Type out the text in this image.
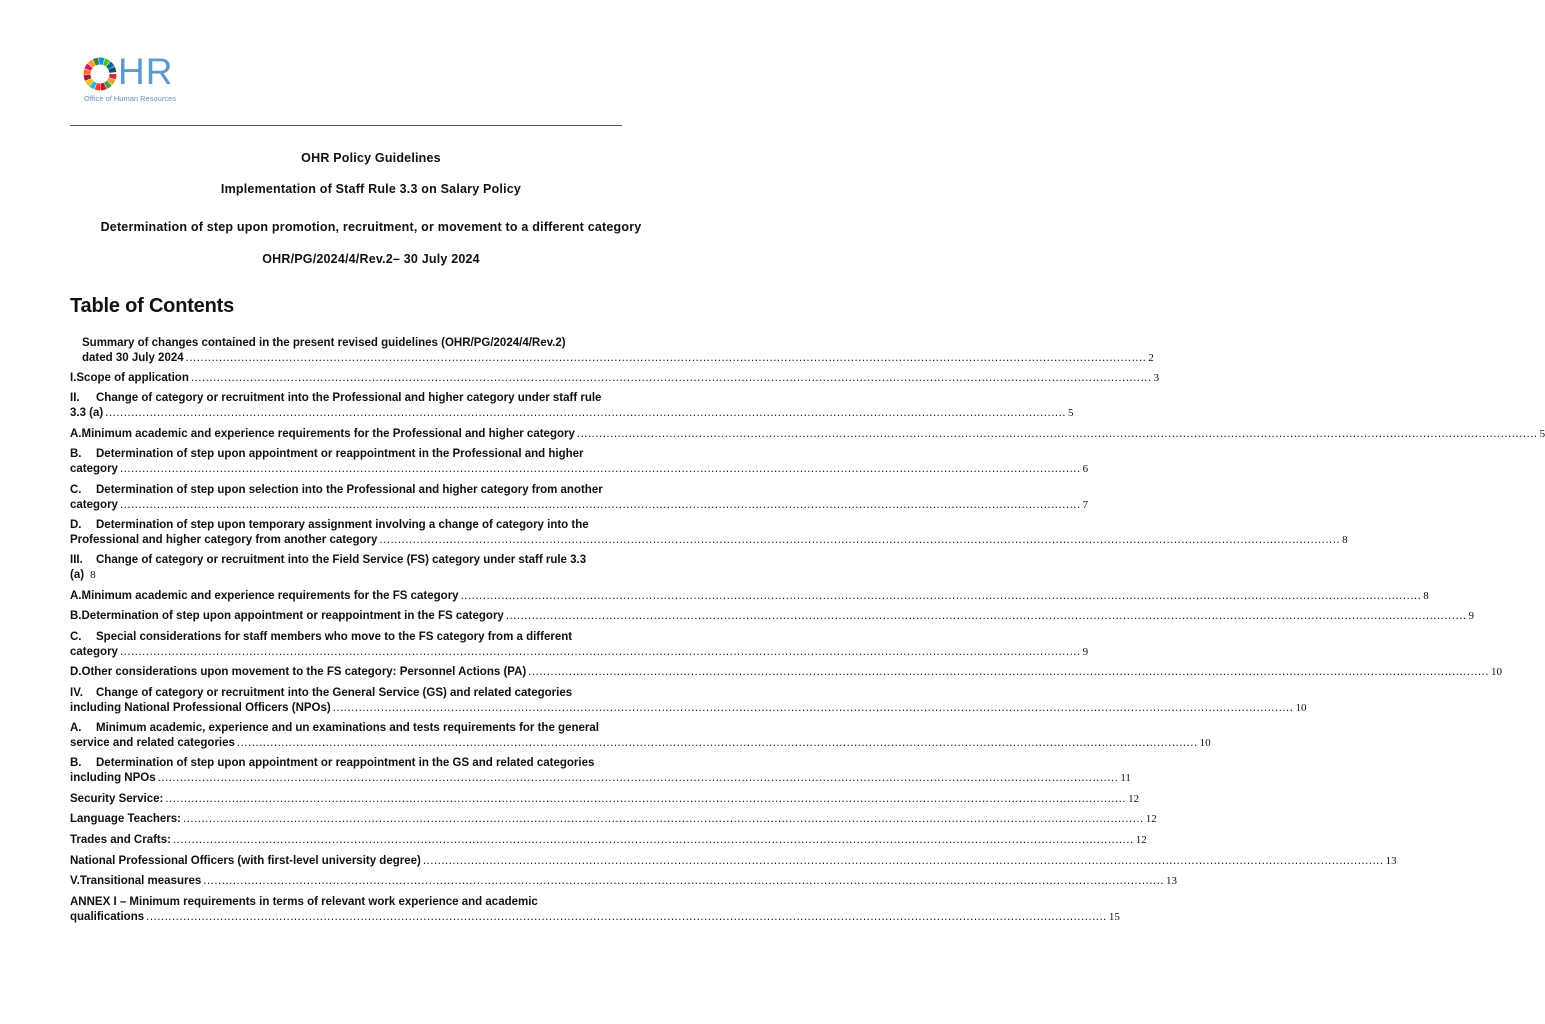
HR
Office of Human Resources
OHR Policy Guidelines
Implementation of Staff Rule 3.3 on Salary Policy
Determination of step upon promotion, recruitment, or movement to a different category
OHR/PG/2024/4/Rev.2– 30 July 2024
Table of Contents
Summary of changes contained in the present revised guidelines (OHR/PG/2024/4/Rev.2)
dated 30 July 2024 .................................................................................................................................................................................................................................................................... 2
I. Scope of application .................................................................................................................................................................................................................................................................... 3
II.	Change of category or recruitment into the Professional and higher category under staff rule
3.3 (a) .................................................................................................................................................................................................................................................................... 5
A. Minimum academic and experience requirements for the Professional and higher category .................................................................................................................................................................................................................................................................... 5
B.	Determination of step upon appointment or reappointment in the Professional and higher
category .................................................................................................................................................................................................................................................................... 6
C.	Determination of step upon selection into the Professional and higher category from another
category .................................................................................................................................................................................................................................................................... 7
D.	Determination of step upon temporary assignment involving a change of category into the
Professional and higher category from another category .................................................................................................................................................................................................................................................................... 8
III.	Change of category or recruitment into the Field Service (FS) category under staff rule 3.3
(a) 8
A. Minimum academic and experience requirements for the FS category .................................................................................................................................................................................................................................................................... 8
B. Determination of step upon appointment or reappointment in the FS category .................................................................................................................................................................................................................................................................... 9
C.	Special considerations for staff members who move to the FS category from a different
category .................................................................................................................................................................................................................................................................... 9
D. Other considerations upon movement to the FS category: Personnel Actions (PA) .................................................................................................................................................................................................................................................................... 10
IV.	Change of category or recruitment into the General Service (GS) and related categories
including National Professional Officers (NPOs) .................................................................................................................................................................................................................................................................... 10
A.	Minimum academic, experience and un examinations and tests requirements for the general
service and related categories .................................................................................................................................................................................................................................................................... 10
B.	Determination of step upon appointment or reappointment in the GS and related categories
including NPOs .................................................................................................................................................................................................................................................................... 11
Security Service: .................................................................................................................................................................................................................................................................... 12
Language Teachers: .................................................................................................................................................................................................................................................................... 12
Trades and Crafts: .................................................................................................................................................................................................................................................................... 12
National Professional Officers (with first-level university degree) .................................................................................................................................................................................................................................................................... 13
V. Transitional measures .................................................................................................................................................................................................................................................................... 13
ANNEX I – Minimum requirements in terms of relevant work experience and academic
qualifications .................................................................................................................................................................................................................................................................... 15
